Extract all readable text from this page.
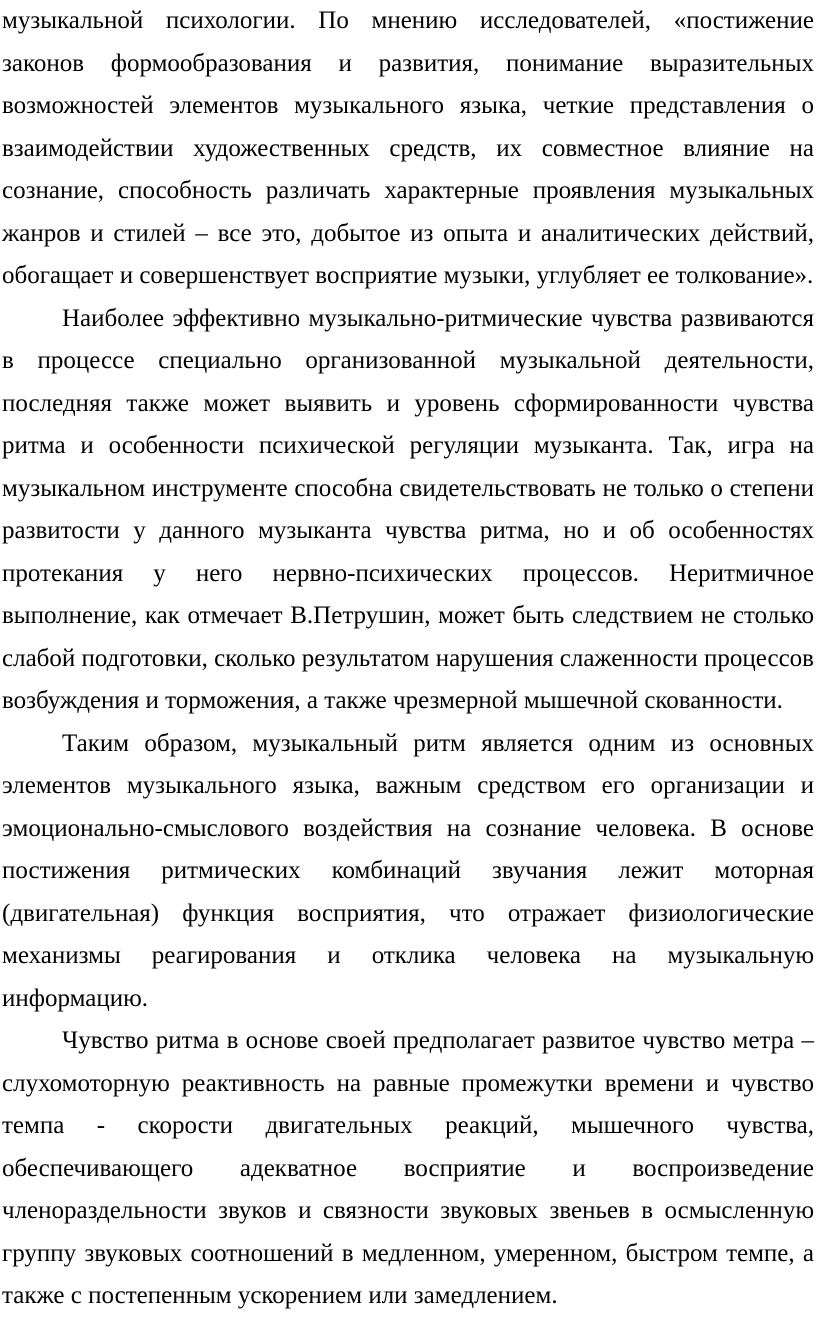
музыкальной психологии. По мнению исследователей, «постижение законов формообразования и развития, понимание выразительных возможностей элементов музыкального языка, четкие представления о взаимодействии художественных средств, их совместное влияние на сознание, способность различать характерные проявления музыкальных жанров и стилей – все это, добытое из опыта и аналитических действий, обогащает и совершенствует восприятие музыки, углубляет ее толкование».

Наиболее эффективно музыкально-ритмические чувства развиваются в процессе специально организованной музыкальной деятельности, последняя также может выявить и уровень сформированности чувства ритма и особенности психической регуляции музыканта. Так, игра на музыкальном инструменте способна свидетельствовать не только о степени развитости у данного музыканта чувства ритма, но и об особенностях протекания у него нервно-психических процессов. Неритмичное выполнение, как отмечает В.Петрушин, может быть следствием не столько слабой подготовки, сколько результатом нарушения слаженности процессов возбуждения и торможения, а также чрезмерной мышечной скованности.

Таким образом, музыкальный ритм является одним из основных элементов музыкального языка, важным средством его организации и эмоционально-смыслового воздействия на сознание человека. В основе постижения ритмических комбинаций звучания лежит моторная (двигательная) функция восприятия, что отражает физиологические механизмы реагирования и отклика человека на музыкальную информацию.

Чувство ритма в основе своей предполагает развитое чувство метра – слухомоторную реактивность на равные промежутки времени и чувство темпа - скорости двигательных реакций, мышечного чувства, обеспечивающего адекватное восприятие и воспроизведение членораздельности звуков и связности звуковых звеньев в осмысленную группу звуковых соотношений в медленном, умеренном, быстром темпе, а также с постепенным ускорением или замедлением.
